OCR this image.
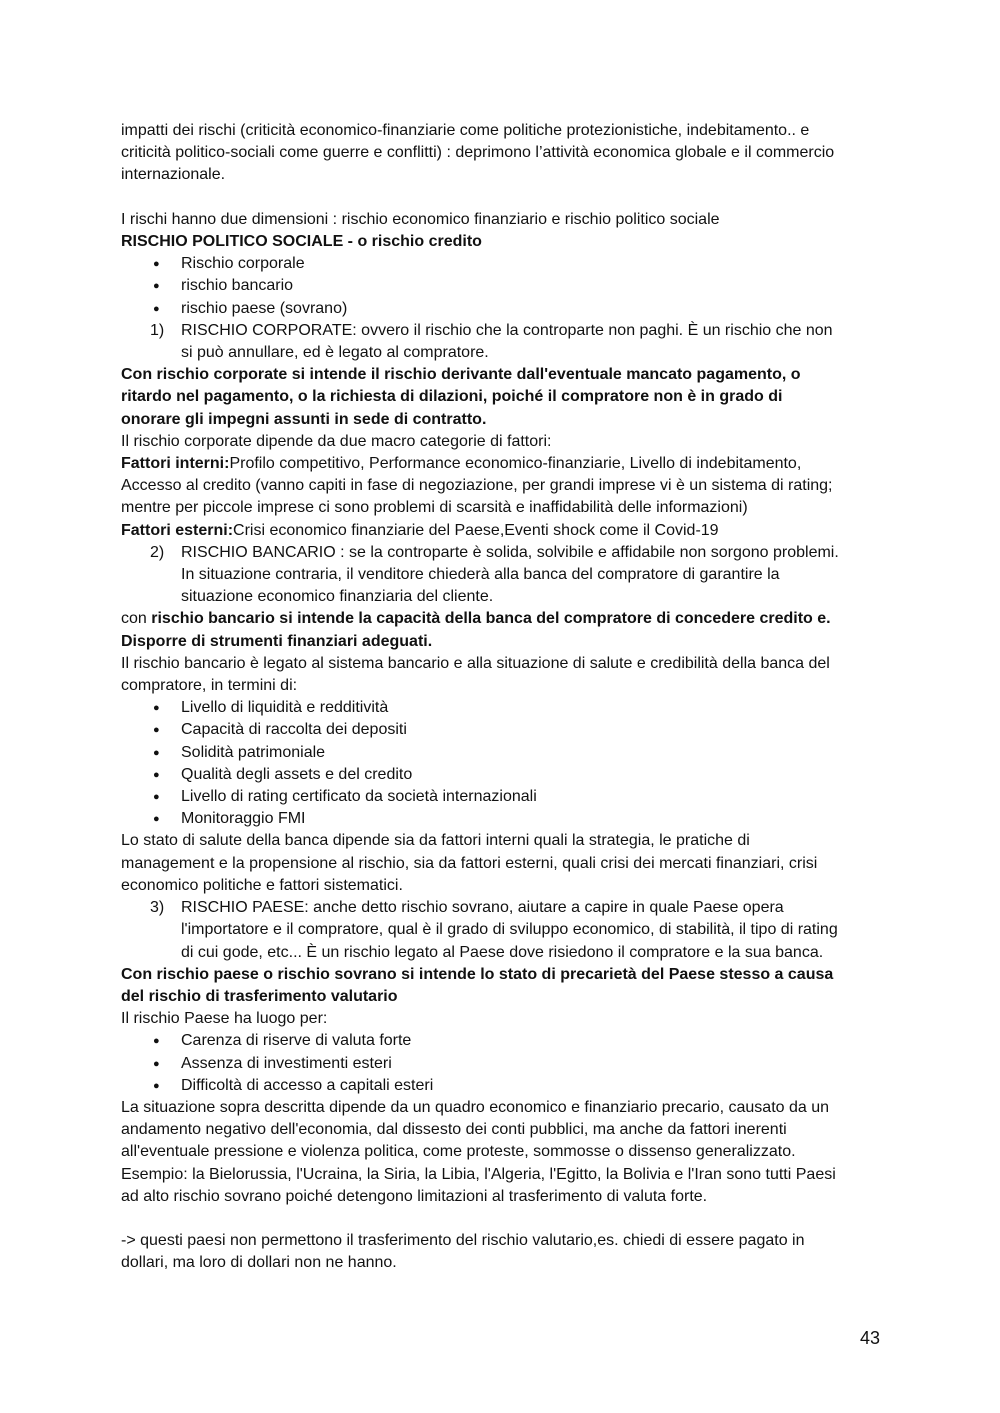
impatti dei rischi (criticità economico-finanziarie come politiche protezionistiche, indebitamento.. e
criticità politico-sociali come guerre e conflitti) : deprimono l’attività economica globale e il commercio
internazionale.
I rischi hanno due dimensioni : rischio economico finanziario e rischio politico sociale
RISCHIO POLITICO SOCIALE - o rischio credito
● Rischio corporale
● rischio bancario
● rischio paese (sovrano)
1) RISCHIO CORPORATE: ovvero il rischio che la controparte non paghi. È un rischio che non
si può annullare, ed è legato al compratore.
Con rischio corporate si intende il rischio derivante dall'eventuale mancato pagamento, o
ritardo nel pagamento, o la richiesta di dilazioni, poiché il compratore non è in grado di
onorare gli impegni assunti in sede di contratto.
Il rischio corporate dipende da due macro categorie di fattori:
Fattori interni:Profilo competitivo, Performance economico-finanziarie, Livello di indebitamento,
Accesso al credito (vanno capiti in fase di negoziazione, per grandi imprese vi è un sistema di rating;
mentre per piccole imprese ci sono problemi di scarsità e inaffidabilità delle informazioni)
Fattori esterni:Crisi economico finanziarie del Paese,Eventi shock come il Covid-19
2) RISCHIO BANCARIO : se la controparte è solida, solvibile e affidabile non sorgono problemi.
In situazione contraria, il venditore chiederà alla banca del compratore di garantire la
situazione economico finanziaria del cliente.
con rischio bancario si intende la capacità della banca del compratore di concedere credito e.
Disporre di strumenti finanziari adeguati.
Il rischio bancario è legato al sistema bancario e alla situazione di salute e credibilità della banca del
compratore, in termini di:
● Livello di liquidità e redditività
● Capacità di raccolta dei depositi
● Solidità patrimoniale
● Qualità degli assets e del credito
● Livello di rating certificato da società internazionali
● Monitoraggio FMI
Lo stato di salute della banca dipende sia da fattori interni quali la strategia, le pratiche di
management e la propensione al rischio, sia da fattori esterni, quali crisi dei mercati finanziari, crisi
economico politiche e fattori sistematici.
3) RISCHIO PAESE: anche detto rischio sovrano, aiutare a capire in quale Paese opera
l'importatore e il compratore, qual è il grado di sviluppo economico, di stabilità, il tipo di rating
di cui gode, etc... È un rischio legato al Paese dove risiedono il compratore e la sua banca.
Con rischio paese o rischio sovrano si intende lo stato di precarietà del Paese stesso a causa
del rischio di trasferimento valutario
Il rischio Paese ha luogo per:
● Carenza di riserve di valuta forte
● Assenza di investimenti esteri
● Difficoltà di accesso a capitali esteri
La situazione sopra descritta dipende da un quadro economico e finanziario precario, causato da un
andamento negativo dell'economia, dal dissesto dei conti pubblici, ma anche da fattori inerenti
all'eventuale pressione e violenza politica, come proteste, sommosse o dissenso generalizzato.
Esempio: la Bielorussia, l'Ucraina, la Siria, la Libia, l'Algeria, l'Egitto, la Bolivia e l'Iran sono tutti Paesi
ad alto rischio sovrano poiché detengono limitazioni al trasferimento di valuta forte.
-> questi paesi non permettono il trasferimento del rischio valutario,es. chiedi di essere pagato in
dollari, ma loro di dollari non ne hanno.
43
